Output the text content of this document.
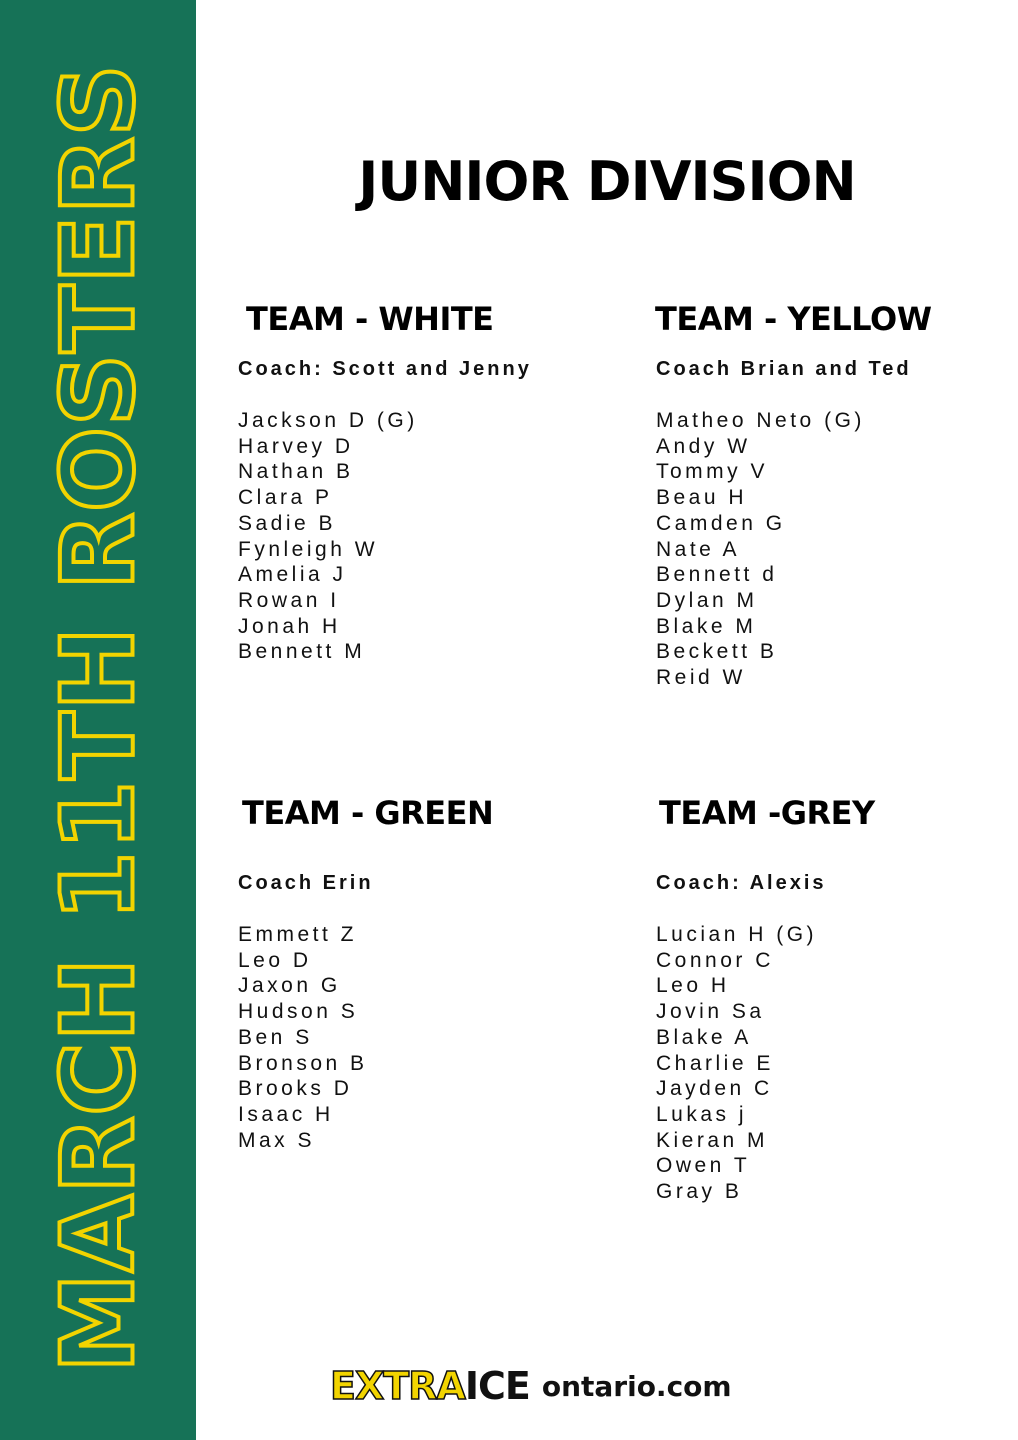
MARCH 11TH ROSTERS	JUNIOR DIVISION
TEAM - WHITE
Coach: Scott and Jenny
Jackson D (G)
Harvey D
Nathan B
Clara P
Sadie B
Fynleigh W
Amelia J
Rowan I
Jonah H
Bennett M
TEAM - YELLOW
Coach Brian and Ted
Matheo Neto (G)
Andy W
Tommy V
Beau H
Camden G
Nate A
Bennett d
Dylan M
Blake M
Beckett B
Reid W
TEAM - GREEN
Coach Erin
Emmett Z
Leo D
Jaxon G
Hudson S
Ben S
Bronson B
Brooks D
Isaac H
Max S
TEAM -GREY
Coach: Alexis
Lucian H (G)
Connor C
Leo H
Jovin Sa
Blake A
Charlie E
Jayden C
Lukas j
Kieran M
Owen T
Gray B
EXTRA ICE ontario.com
